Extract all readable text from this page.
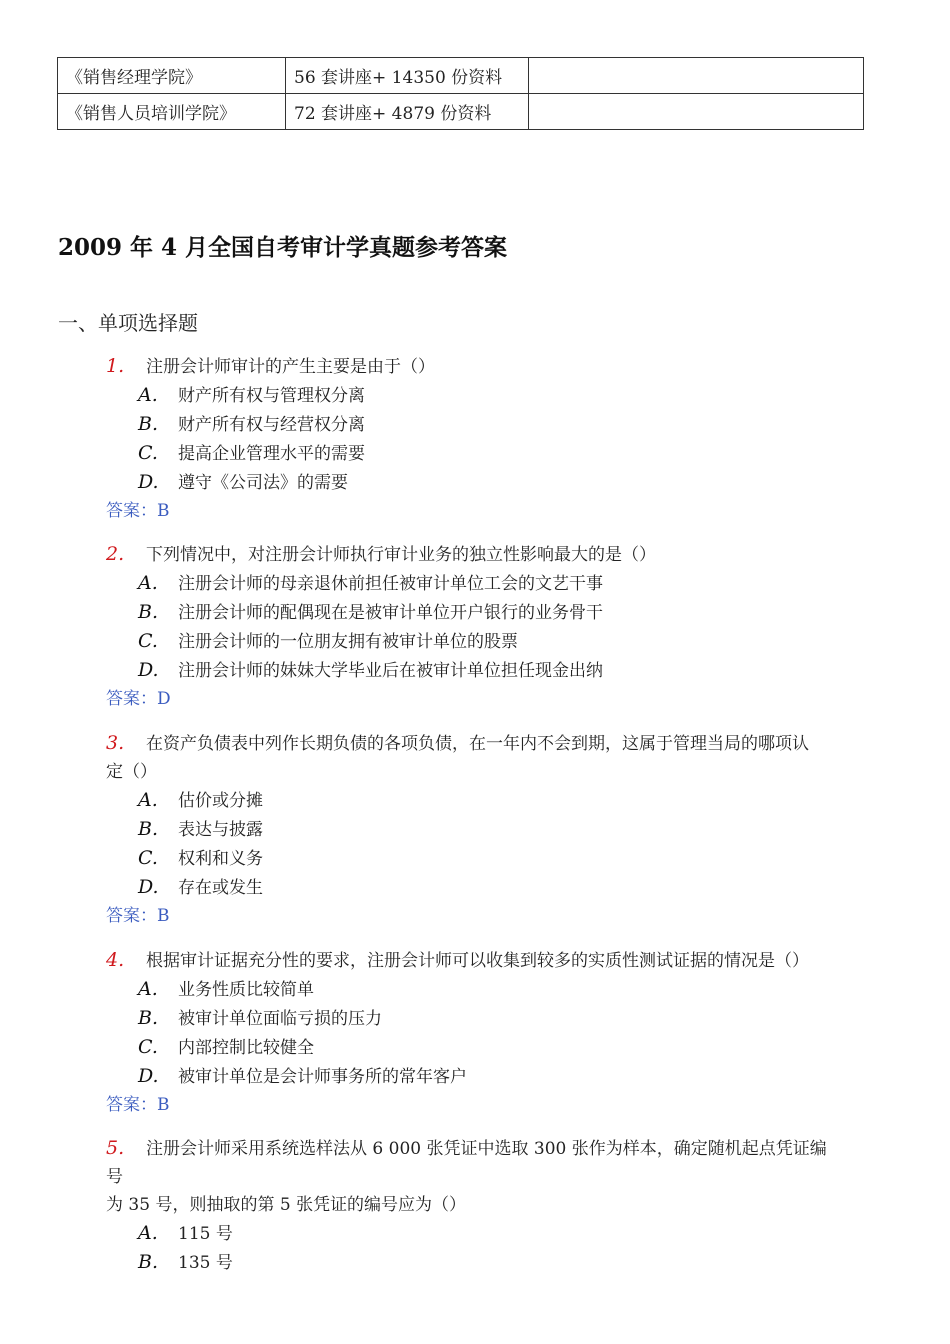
《销售经理学院》	56 套讲座+ 14350 份资料	
《销售人员培训学院》	72 套讲座+ 4879 份资料	
2009 年 4 月全国自考审计学真题参考答案
一、单项选择题
1. 注册会计师审计的产生主要是由于（）
A. 财产所有权与管理权分离
B. 财产所有权与经营权分离
C. 提高企业管理水平的需要
D. 遵守《公司法》的需要
答案：B
2. 下列情况中，对注册会计师执行审计业务的独立性影响最大的是（）
A. 注册会计师的母亲退休前担任被审计单位工会的文艺干事
B. 注册会计师的配偶现在是被审计单位开户银行的业务骨干
C. 注册会计师的一位朋友拥有被审计单位的股票
D. 注册会计师的妹妹大学毕业后在被审计单位担任现金出纳
答案：D
3. 在资产负债表中列作长期负债的各项负债，在一年内不会到期，这属于管理当局的哪项认
定（）
A. 估价或分摊
B. 表达与披露
C. 权利和义务
D. 存在或发生
答案：B
4. 根据审计证据充分性的要求，注册会计师可以收集到较多的实质性测试证据的情况是（）
A. 业务性质比较简单
B. 被审计单位面临亏损的压力
C. 内部控制比较健全
D. 被审计单位是会计师事务所的常年客户
答案：B
5. 注册会计师采用系统选样法从 6 000 张凭证中选取 300 张作为样本，确定随机起点凭证编
号
为 35 号，则抽取的第 5 张凭证的编号应为（）
A. 115 号
B. 135 号
